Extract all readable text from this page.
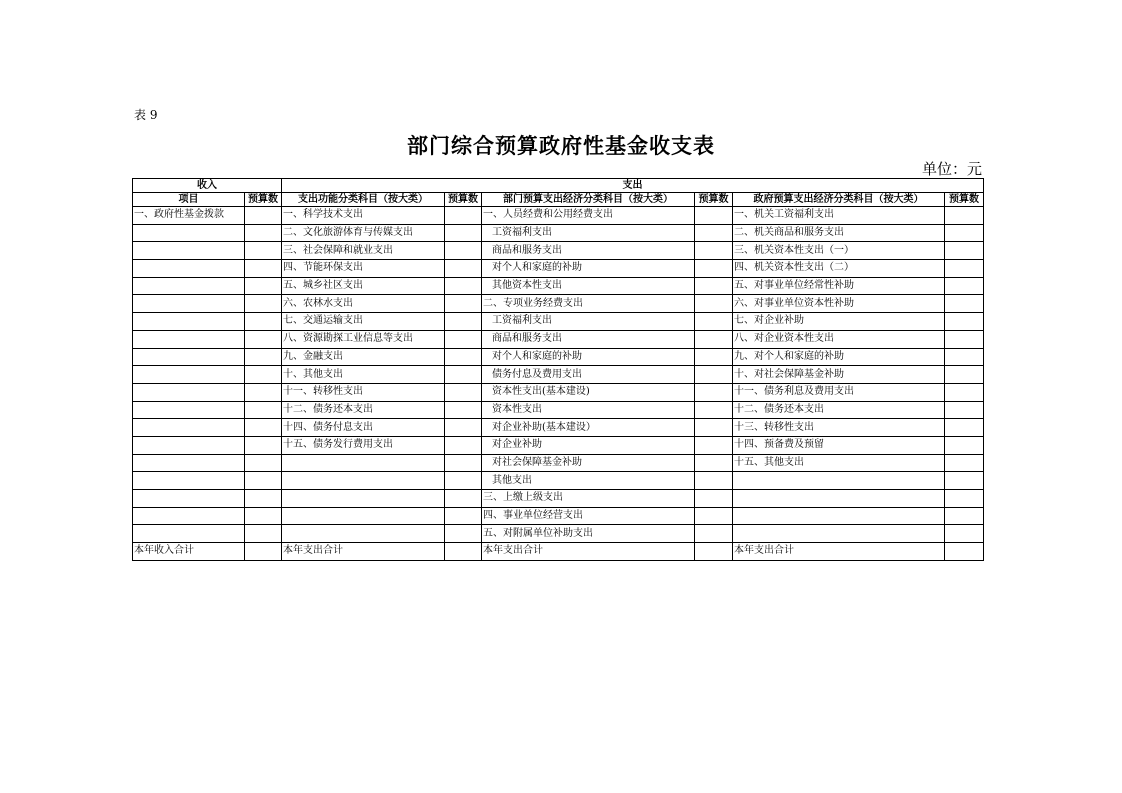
表 9
部门综合预算政府性基金收支表
单位：元
收入		支出					
项目	预算数	支出功能分类科目（按大类）	预算数	部门预算支出经济分类科目（按大类）	预算数	政府预算支出经济分类科目（按大类）	预算数
一、政府性基金拨款		一、科学技术支出		一、人员经费和公用经费支出		一、机关工资福利支出	
		二、文化旅游体育与传媒支出		工资福利支出		二、机关商品和服务支出	
		三、社会保障和就业支出		商品和服务支出		三、机关资本性支出（一）	
		四、节能环保支出		对个人和家庭的补助		四、机关资本性支出（二）	
		五、城乡社区支出		其他资本性支出		五、对事业单位经常性补助	
		六、农林水支出		二、专项业务经费支出		六、对事业单位资本性补助	
		七、交通运输支出		工资福利支出		七、对企业补助	
		八、资源勘探工业信息等支出		商品和服务支出		八、对企业资本性支出	
		九、金融支出		对个人和家庭的补助		九、对个人和家庭的补助	
		十、其他支出		债务付息及费用支出		十、对社会保障基金补助	
		十一、转移性支出		资本性支出(基本建设)		十一、债务利息及费用支出	
		十二、债务还本支出		资本性支出		十二、债务还本支出	
		十四、债务付息支出		对企业补助(基本建设）		十三、转移性支出	
		十五、债务发行费用支出		对企业补助		十四、预备费及预留	
				对社会保障基金补助		十五、其他支出	
				其他支出			
				三、上缴上级支出			
				四、事业单位经营支出			
				五、对附属单位补助支出			
本年收入合计		本年支出合计		本年支出合计		本年支出合计	
